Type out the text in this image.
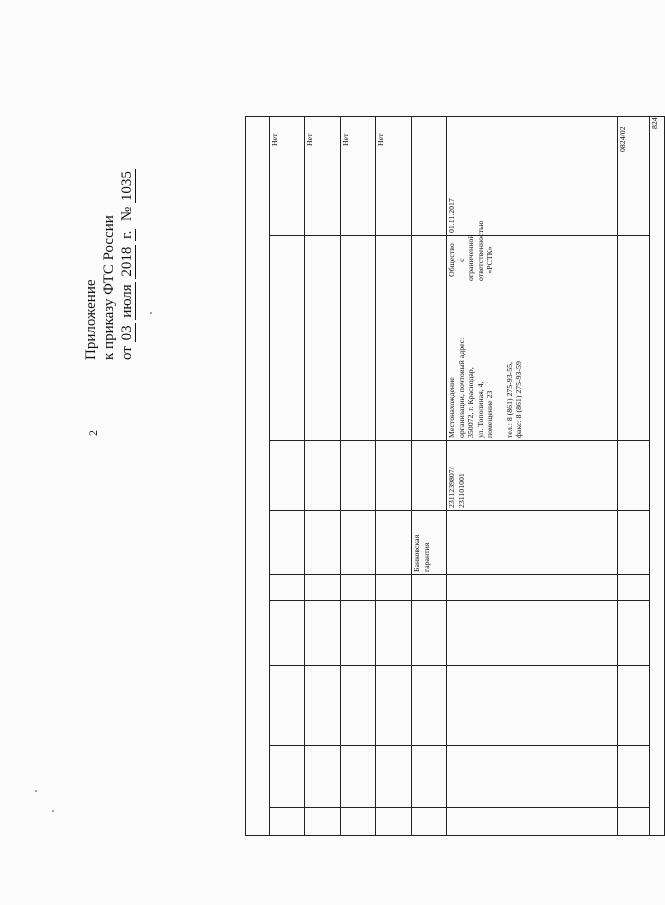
Приложение к приказу ФТС России от 03 июля 2018 г.  № 1035
2
824
0824/02
01.11.2017
Общество
с ограниченной
ответственностью
«РСТК»
Местонахождение
организации, почтовый адрес:
350072, г. Краснодар,
ул. Тополиная, 4,
помещение 23

тел.: 8 (861) 275-93-55,
факс: 8 (861) 275-93-59
2311239807/
231101001
Банковская
гарантия
Нет
Нет
Нет
Нет
